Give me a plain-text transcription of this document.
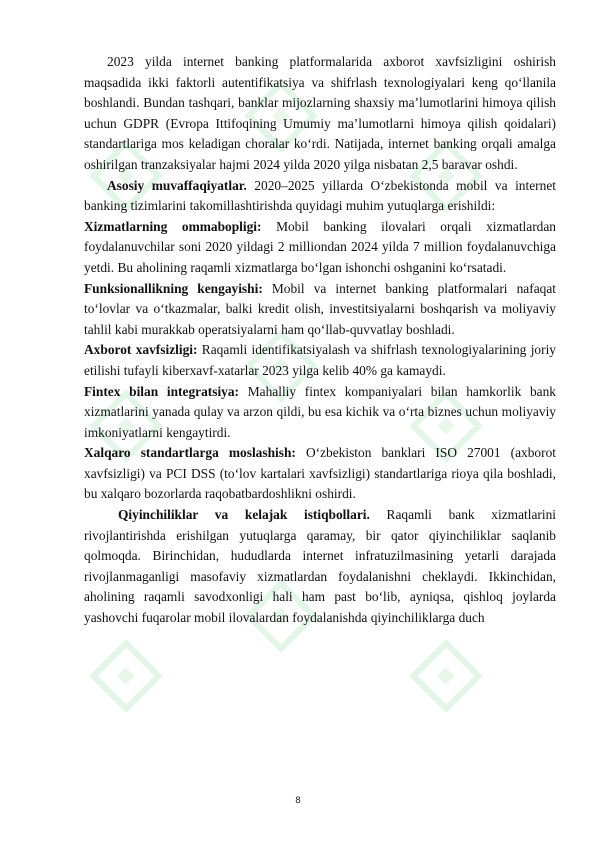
2023 yilda internet banking platformalarida axborot xavfsizligini oshirish maqsadida ikki faktorli autentifikatsiya va shifrlash texnologiyalari keng qo‘llanila boshlandi. Bundan tashqari, banklar mijozlarning shaxsiy ma’lumotlarini himoya qilish uchun GDPR (Evropa Ittifoqining Umumiy ma’lumotlarni himoya qilish qoidalari) standartlariga mos keladigan choralar ko‘rdi. Natijada, internet banking orqali amalga oshirilgan tranzaksiyalar hajmi 2024 yilda 2020 yilga nisbatan 2,5 baravar oshdi.

Asosiy muvaffaqiyatlar. 2020–2025 yillarda O‘zbekistonda mobil va internet banking tizimlarini takomillashtirishda quyidagi muhim yutuqlarga erishildi:

Xizmatlarning ommabopligi: Mobil banking ilovalari orqali xizmatlardan foydalanuvchilar soni 2020 yildagi 2 milliondan 2024 yilda 7 million foydalanuvchiga yetdi. Bu aholining raqamli xizmatlarga bo‘lgan ishonchi oshganini ko‘rsatadi.

Funksionallikning kengayishi: Mobil va internet banking platformalari nafaqat to‘lovlar va o‘tkazmalar, balki kredit olish, investitsiyalarni boshqarish va moliyaviy tahlil kabi murakkab operatsiyalarni ham qo‘llab-quvvatlay boshladi.

Axborot xavfsizligi: Raqamli identifikatsiyalash va shifrlash texnologiyalarining joriy etilishi tufayli kiberxavf-xatarlar 2023 yilga kelib 40% ga kamaydi.

Fintex bilan integratsiya: Mahalliy fintex kompaniyalari bilan hamkorlik bank xizmatlarini yanada qulay va arzon qildi, bu esa kichik va o‘rta biznes uchun moliyaviy imkoniyatlarni kengaytirdi.

Xalqaro standartlarga moslashish: O‘zbekiston banklari ISO 27001 (axborot xavfsizligi) va PCI DSS (to‘lov kartalari xavfsizligi) standartlariga rioya qila boshladi, bu xalqaro bozorlarda raqobatbardoshlikni oshirdi.

Qiyinchiliklar va kelajak istiqbollari. Raqamli bank xizmatlarini rivojlantirishda erishilgan yutuqlarga qaramay, bir qator qiyinchiliklar saqlanib qolmoqda. Birinchidan, hududlarda internet infratuzilmasining yetarli darajada rivojlanmaganligi masofaviy xizmatlardan foydalanishni cheklaydi. Ikkinchidan, aholining raqamli savodxonligi hali ham past bo‘lib, ayniqsa, qishloq joylarda yashovchi fuqarolar mobil ilovalardan foydalanishda qiyinchiliklarga duch

8
